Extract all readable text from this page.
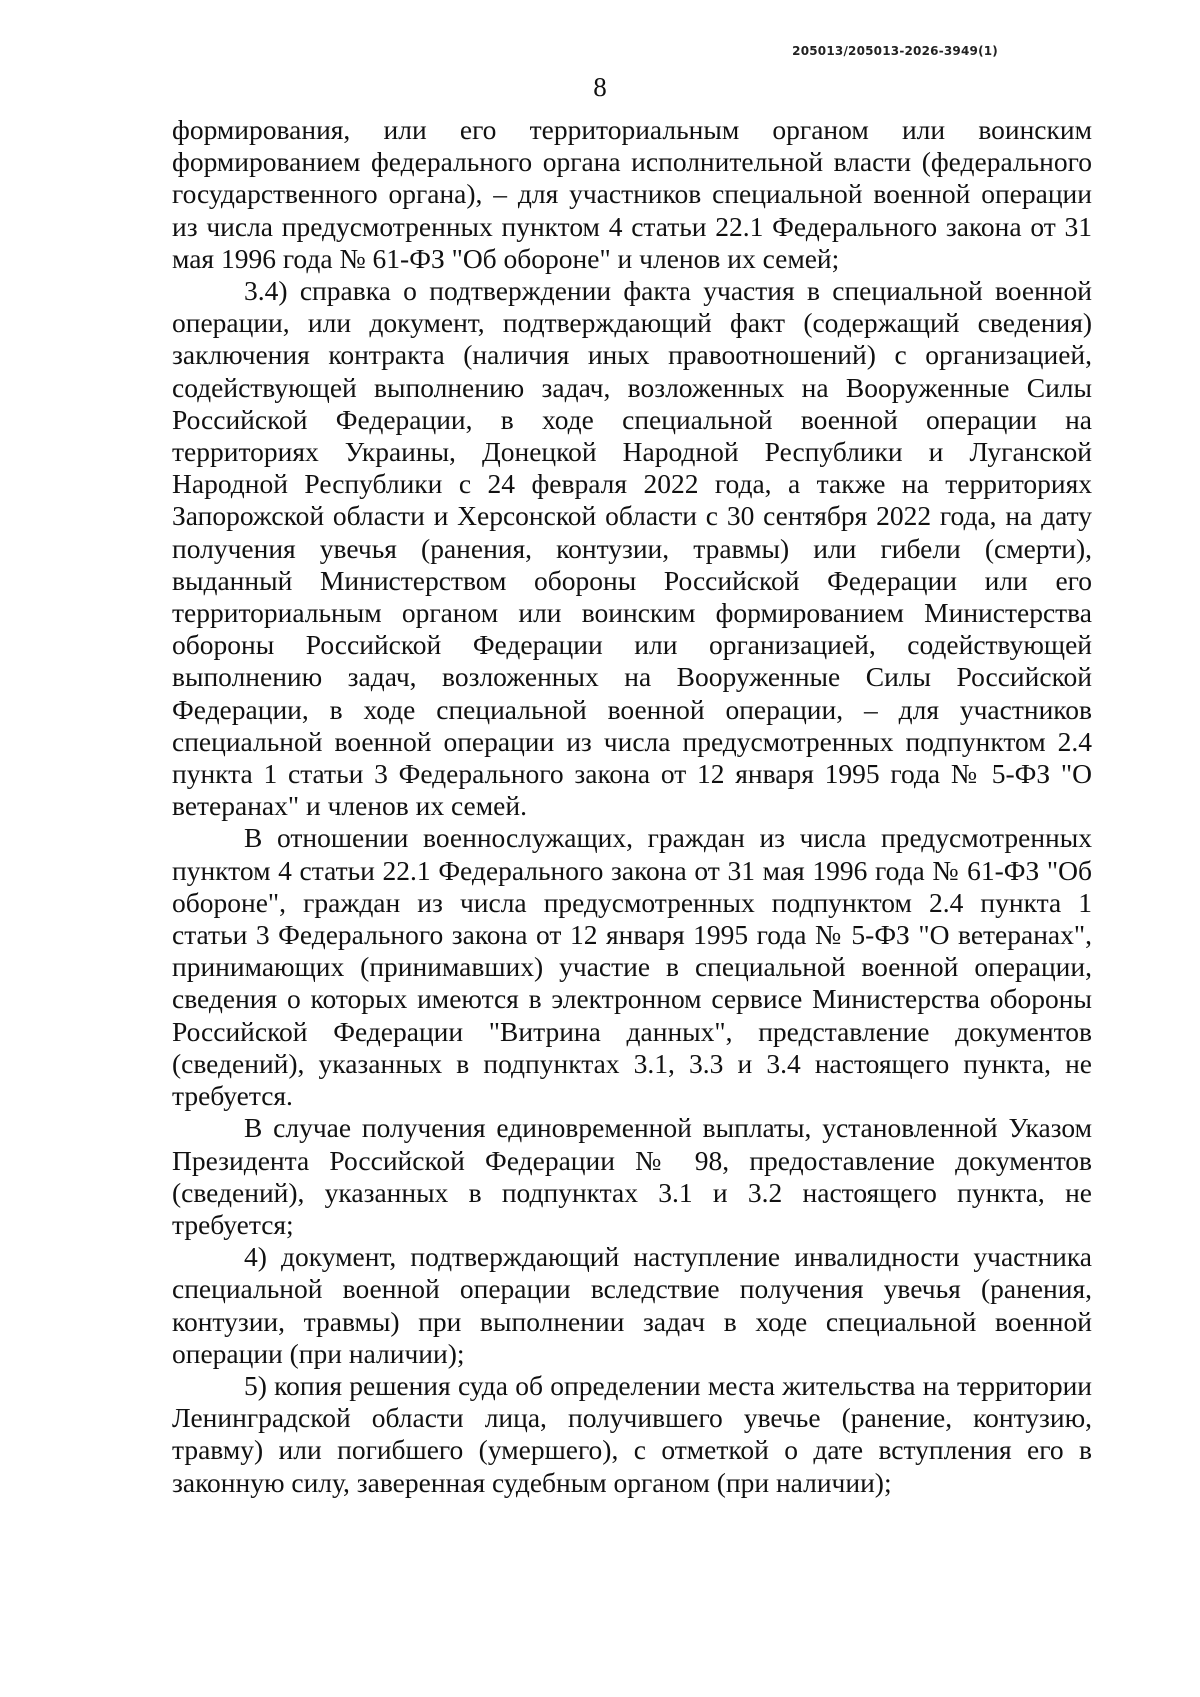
205013/205013-2026-3949(1)
8

формирования, или его территориальным органом или воинским формированием федерального органа исполнительной власти (федерального государственного органа), – для участников специальной военной операции из числа предусмотренных пунктом 4 статьи 22.1 Федерального закона от 31 мая 1996 года № 61-ФЗ "Об обороне" и членов их семей;

3.4) справка о подтверждении факта участия в специальной военной операции, или документ, подтверждающий факт (содержащий сведения) заключения контракта (наличия иных правоотношений) с организацией, содействующей выполнению задач, возложенных на Вооруженные Силы Российской Федерации, в ходе специальной военной операции на территориях Украины, Донецкой Народной Республики и Луганской Народной Республики с 24 февраля 2022 года, а также на территориях Запорожской области и Херсонской области с 30 сентября 2022 года, на дату получения увечья (ранения, контузии, травмы) или гибели (смерти), выданный Министерством обороны Российской Федерации или его территориальным органом или воинским формированием Министерства обороны Российской Федерации или организацией, содействующей выполнению задач, возложенных на Вооруженные Силы Российской Федерации, в ходе специальной военной операции, – для участников специальной военной операции из числа предусмотренных подпунктом 2.4 пункта 1 статьи 3 Федерального закона от 12 января 1995 года № 5-ФЗ "О ветеранах" и членов их семей.

В отношении военнослужащих, граждан из числа предусмотренных пунктом 4 статьи 22.1 Федерального закона от 31 мая 1996 года № 61-ФЗ "Об обороне", граждан из числа предусмотренных подпунктом 2.4 пункта 1 статьи 3 Федерального закона от 12 января 1995 года № 5-ФЗ "О ветеранах", принимающих (принимавших) участие в специальной военной операции, сведения о которых имеются в электронном сервисе Министерства обороны Российской Федерации "Витрина данных", представление документов (сведений), указанных в подпунктах 3.1, 3.3 и 3.4 настоящего пункта, не требуется.

В случае получения единовременной выплаты, установленной Указом Президента Российской Федерации № 98, предоставление документов (сведений), указанных в подпунктах 3.1 и 3.2 настоящего пункта, не требуется;

4) документ, подтверждающий наступление инвалидности участника специальной военной операции вследствие получения увечья (ранения, контузии, травмы) при выполнении задач в ходе специальной военной операции (при наличии);

5) копия решения суда об определении места жительства на территории Ленинградской области лица, получившего увечье (ранение, контузию, травму) или погибшего (умершего), с отметкой о дате вступления его в законную силу, заверенная судебным органом (при наличии);
